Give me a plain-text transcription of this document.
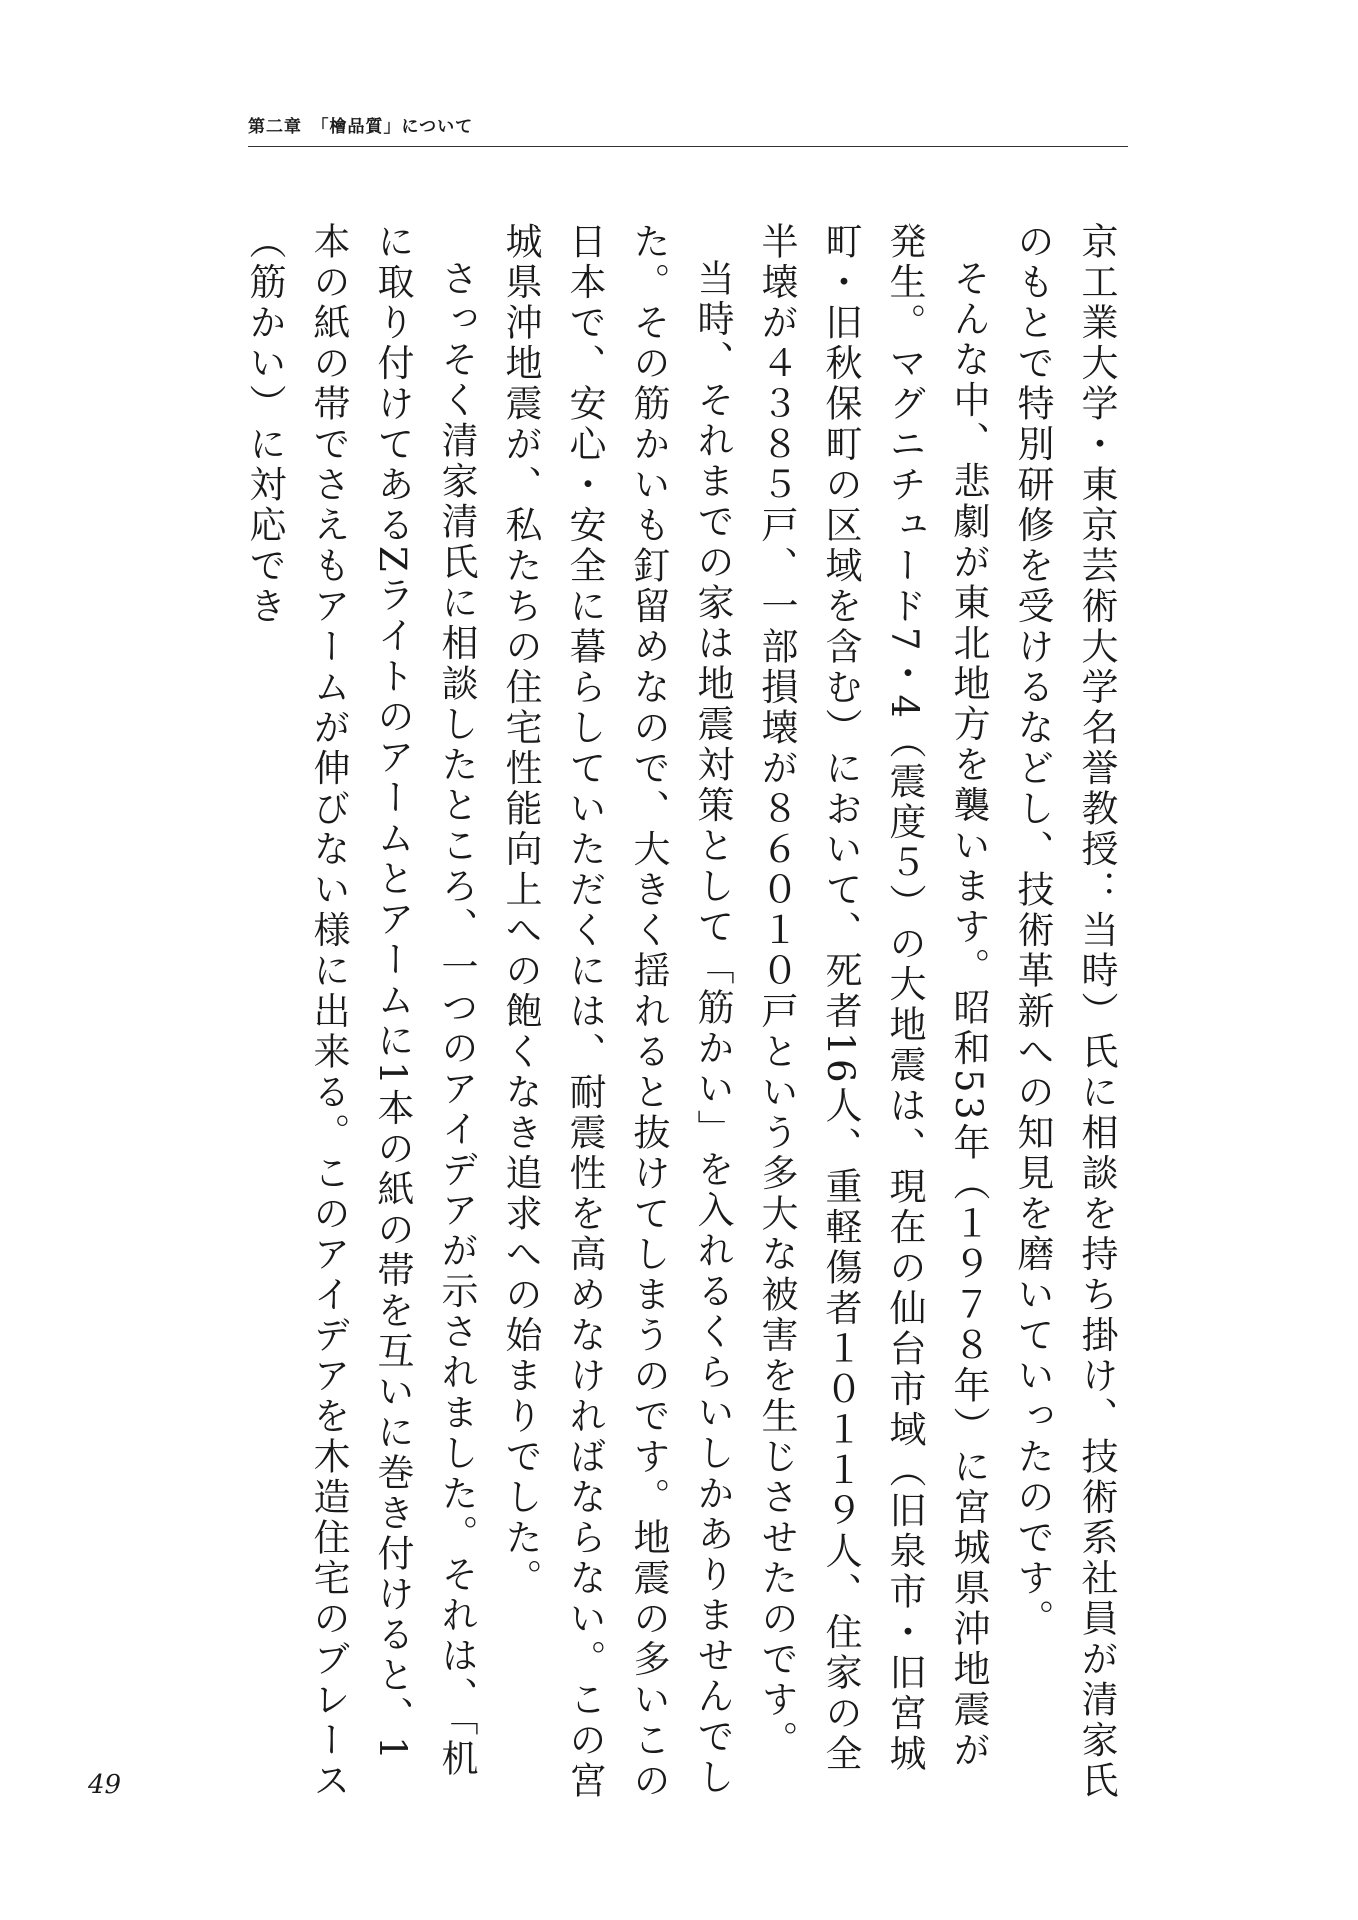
第二章　「檜品質」について

京工業大学・東京芸術大学名誉教授：当時）氏に相談を持ち掛け、技術系社員が清家氏のもとで特別研修を受けるなどし、技術革新への知見を磨いていったのです。

そんな中、悲劇が東北地方を襲います。昭和53年（１９７８年）に宮城県沖地震が発生。マグニチュード7・4（震度５）の大地震は、現在の仙台市域（旧泉市・旧宮城町・旧秋保町の区域を含む）において、死者16人、重軽傷者１０１１９人、住家の全半壊が４３８５戸、一部損壊が８６０１０戸という多大な被害を生じさせたのです。

当時、それまでの家は地震対策として「筋かい」を入れるくらいしかありませんでした。その筋かいも釘留めなので、大きく揺れると抜けてしまうのです。地震の多いこの日本で、安心・安全に暮らしていただくには、耐震性を高めなければならない。この宮城県沖地震が、私たちの住宅性能向上への飽くなき追求への始まりでした。

さっそく清家清氏に相談したところ、一つのアイデアが示されました。それは、「机に取り付けてあるZライトのアームとアームに1本の紙の帯を互いに巻き付けると、1本の紙の帯でさえもアームが伸びない様に出来る。このアイデアを木造住宅のブレース（筋かい）に対応でき

49
